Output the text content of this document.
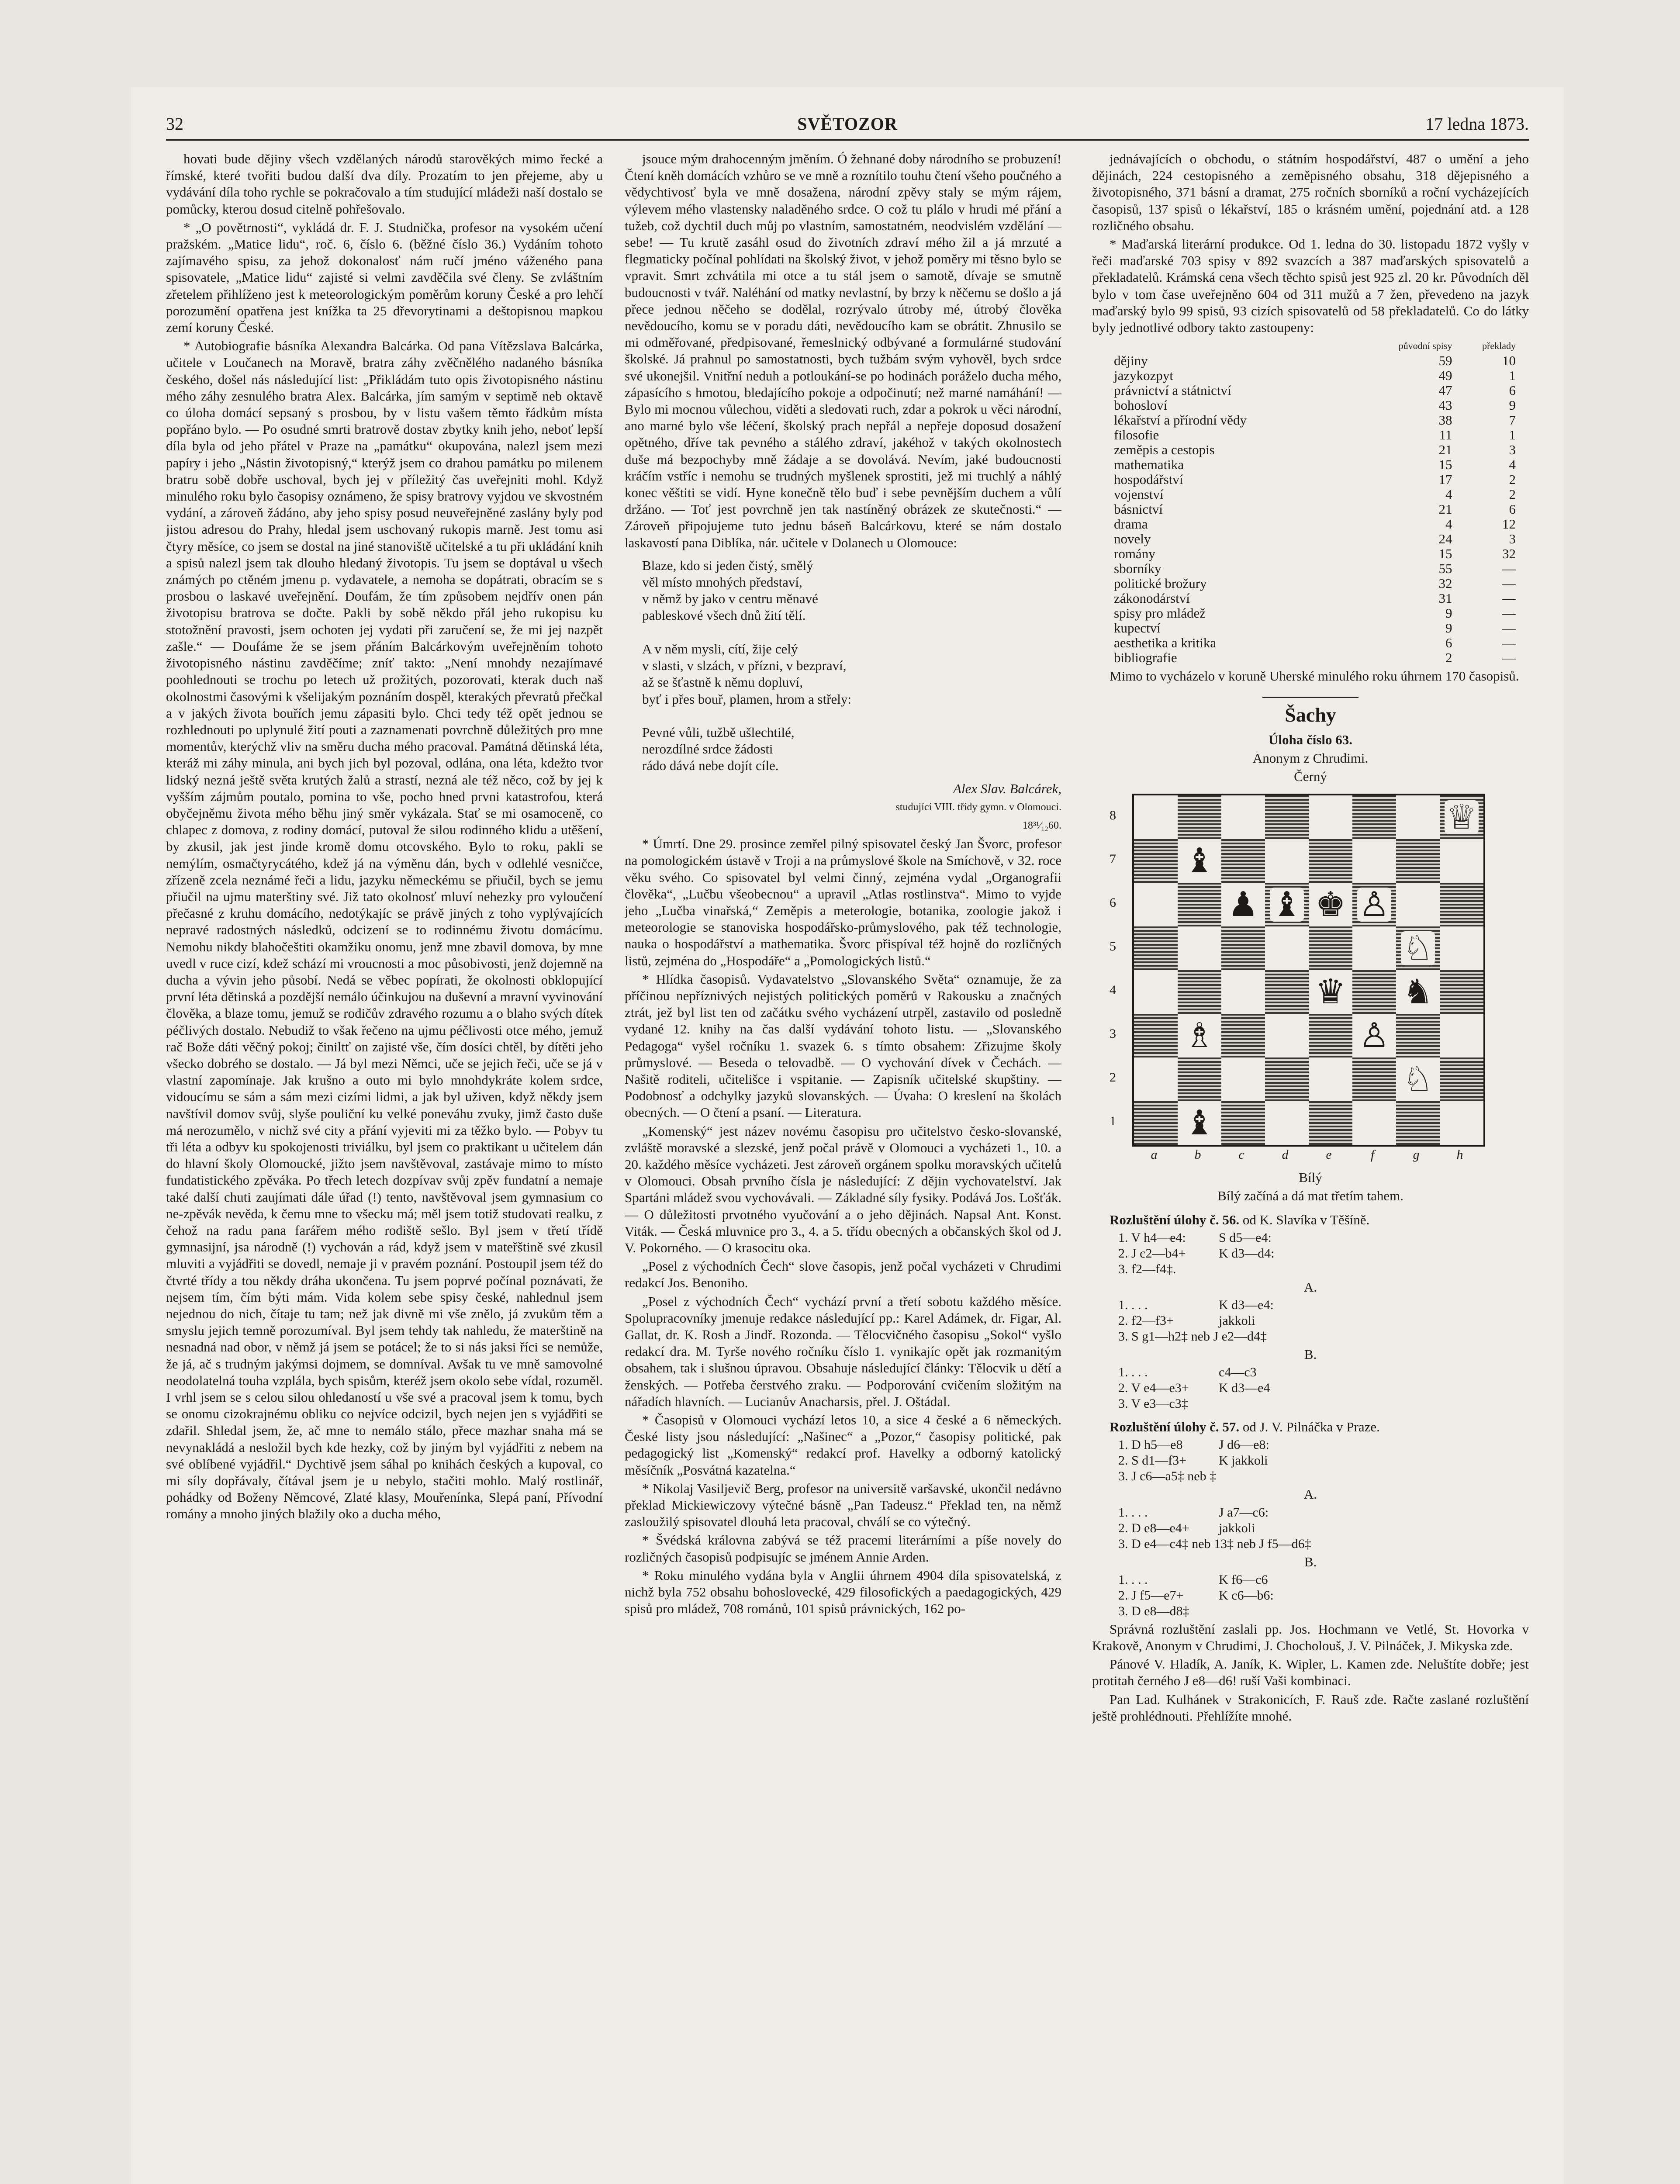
32	SVĚTOZOR	17 ledna 1873.

hovati bude dějiny všech vzdělaných národů starověkých mimo řecké a římské, které tvořiti budou další dva díly. Prozatím to jen přejeme, aby u vydávání díla toho rychle se pokračovalo a tím studující mládeži naší dostalo se pomůcky, kterou dosud citelně pohřešovalo.

* „O povětrnosti“, vykládá dr. F. J. Studnička, profesor na vysokém učení pražském. „Matice lidu“, roč. 6, číslo 6. (běžné číslo 36.) Vydáním tohoto zajímavého spisu, za jehož dokonalosť nám ručí jméno váženého pana spisovatele, „Matice lidu“ zajisté si velmi zavděčila své členy. Se zvláštním zřetelem přihlíženo jest k meteorologickým poměrům koruny České a pro lehčí porozumění opatřena jest knížka ta 25 dřevorytinami a deštopisnou mapkou zemí koruny České.

* Autobiografie básníka Alexandra Balcárka. Od pana Vítězslava Balcárka, učitele v Loučanech na Moravě, bratra záhy zvěčnělého nadaného básníka českého, došel nás následující list: „Přikládám tuto opis životopisného nástinu mého záhy zesnulého bratra Alex. Balcárka, jím samým v septimě neb oktavě co úloha domácí sepsaný s prosbou, by v listu vašem těmto řádkům místa popřáno bylo. — Po osudné smrti bratrově dostav zbytky knih jeho, neboť lepší díla byla od jeho přátel v Praze na „památku“ okupována, nalezl jsem mezi papíry i jeho „Nástin životopisný,“ kterýž jsem co drahou památku po milenem bratru sobě dobře uschoval, bych jej v příležitý čas uveřejniti mohl. Když minulého roku bylo časopisy oznámeno, že spisy bratrovy vyjdou ve skvostném vydání, a zároveň žádáno, aby jeho spisy posud neuveřejněné zaslány byly pod jistou adresou do Prahy, hledal jsem uschovaný rukopis marně. Jest tomu asi čtyry měsíce, co jsem se dostal na jiné stanoviště učitelské a tu při ukládání knih a spisů nalezl jsem tak dlouho hledaný životopis. Tu jsem se doptával u všech známých po ctěném jmenu p. vydavatele, a nemoha se dopátrati, obracím se s prosbou o laskavé uveřejnění. Doufám, že tím způsobem nejdřív onen pán životopisu bratrova se dočte. Pakli by sobě někdo přál jeho rukopisu ku stotožnění pravosti, jsem ochoten jej vydati při zaručení se, že mi jej nazpět zašle.“ — Doufáme že se jsem přáním Balcárkovým uveřejněním tohoto životopisného nástinu zavděčíme; zníť takto: „Není mnohdy nezajímavé poohlednouti se trochu po letech už prožitých, pozorovati, kterak duch naš okolnostmi časovými k všelijakým poznáním dospěl, kterakých převratů přečkal a v jakých života bouřích jemu zápasiti bylo. Chci tedy též opět jednou se rozhlednouti po uplynulé žití pouti a zaznamenati povrchně důležitých pro mne momentův, kterýchž vliv na směru ducha mého pracoval. Památná dětinská léta, kteráž mi záhy minula, ani bych jich byl pozoval, odlána, ona léta, kdežto tvor lidský nezná ještě světa krutých žalů a strastí, nezná ale též něco, což by jej k vyšším zájmům poutalo, pomina to vše, pocho hned prvni katastrofou, která obyčejněmu života mého běhu jiný směr vykázala. Stať se mi osamoceně, co chlapec z domova, z rodiny domácí, putoval že silou rodinného klidu a utěšení, by zkusil, jak jest jinde kromě domu otcovského. Bylo to roku, pakli se nemýlím, osmačtyrycátého, kdež já na výměnu dán, bych v odlehlé vesničce, zřízeně zcela neznámé řeči a lidu, jazyku německému se přiučil, bych se jemu přiučil na ujmu materštiny své. Již tato okolnosť mluví nehezky pro vyloučení přečasné z kruhu domácího, nedotýkajíc se právě jiných z toho vyplývajících nepravé radostných následků, odcizení se to rodinnému životu domácímu. Nemohu nikdy blahočeštiti okamžiku onomu, jenž mne zbavil domova, by mne uvedl v ruce cizí, kdež schází mi vroucnosti a moc působivosti, jenž dojemně na ducha a vývin jeho působí. Nedá se věbec popírati, že okolnosti obklopující první léta dětinská a pozdější nemálo účinkujou na duševní a mravní vyvinování člověka, a blaze tomu, jemuž se rodičův zdravého rozumu a o blaho svých dítek péčlivých dostalo. Nebudiž to však řečeno na ujmu péčlivosti otce mého, jemuž rač Bože dáti věčný pokoj; činiltť on zajisté vše, čím dosíci chtěl, by dítěti jeho všecko dobrého se dostalo. — Já byl mezi Němci, uče se jejich řeči, uče se já v vlastní zapomínaje. Jak krušno a outo mi bylo mnohdykráte kolem srdce, vidoucímu se sám a sám mezi cizími lidmi, a jak byl uživen, když někdy jsem navštívil domov svůj, slyše pouliční ku velké poneváhu zvuky, jimž často duše má nerozumělo, v nichž své city a přání vyjeviti mi za těžko bylo. — Pobyv tu tři léta a odbyv ku spokojenosti triviálku, byl jsem co praktikant u učitelem dán do hlavní školy Olomoucké, jižto jsem navštěvoval, zastávaje mimo to místo fundatistického zpěváka. Po třech letech dozpívav svůj zpěv fundatní a nemaje také další chuti zaujímati dále úřad (!) tento, navštěvoval jsem gymnasium co ne-zpěvák nevěda, k čemu mne to všecku má; měl jsem totiž studovati realku, z čehož na radu pana farářem mého rodiště sešlo. Byl jsem v třetí třídě gymnasijní, jsa národně (!) vychován a rád, když jsem v mateřštině své zkusil mluviti a vyjádřiti se dovedl, nemaje ji v pravém poznání. Postoupil jsem též do čtvrté třídy a tou někdy dráha ukončena. Tu jsem poprvé počínal poznávati, že nejsem tím, čím býti mám. Vida kolem sebe spisy české, nahlednul jsem nejednou do nich, čítaje tu tam; než jak divně mi vše znělo, já zvukům těm a smyslu jejich temně porozumíval. Byl jsem tehdy tak nahledu, že materštině na nesnadná nad obor, v němž já jsem se potácel; že to si nás jaksi říci se nemůže, že já, ač s trudným jakýmsi dojmem, se domníval. Avšak tu ve mně samovolné neodolatelná touha vzplála, bych spisům, kteréž jsem okolo sebe vídal, rozuměl. I vrhl jsem se s celou silou ohledaností u vše své a pracoval jsem k tomu, bych se onomu cizokrajnému obliku co nejvíce odcizil, bych nejen jen s vyjádřiti se zdařil. Shledal jsem, že, ač mne to nemálo stálo, přece mazhar snaha má se nevynakládá a nesložil bych kde hezky, což by jiným byl vyjádřiti z nebem na své oblíbené vyjádřil.“ Dychtivě jsem sáhal po knihách českých a kupoval, co mi síly dopřávaly, čítával jsem je u nebylo, stačiti mohlo. Malý rostlinář, pohádky od Boženy Němcové, Zlaté klasy, Mouřenínka, Slepá paní, Přívodní romány a mnoho jiných blažily oko a ducha mého,

jsouce mým drahocenným jměním. Ó žehnané doby národního se probuzení! Čtení kněh domácích vzhůro se ve mně a roznítilo touhu čtení všeho poučného a vědychtivosť byla ve mně dosažena, národní zpěvy staly se mým rájem, výlevem mého vlastensky naladěného srdce. O což tu plálo v hrudi mé přání a tužeb, což dychtil duch můj po vlastním, samostatném, neodvislém vzdělání — sebe! — Tu krutě zasáhl osud do životních zdraví mého žil a já mrzuté a flegmaticky počínal pohlídati na školský život, v jehož poměry mi těsno bylo se vpravit. Smrt zchvátila mi otce a tu stál jsem o samotě, dívaje se smutně budoucnosti v tvář. Naléhání od matky nevlastní, by brzy k něčemu se došlo a já přece jednou něčeho se dodělal, rozrývalo útroby mé, útrobý člověka nevědoucího, komu se v poradu dáti, nevědoucího kam se obrátit. Zhnusilo se mi odměřované, předpisované, řemeslnický odbývané a formulárné studování školské. Já prahnul po samostatnosti, bych tužbám svým vyhověl, bych srdce své ukonejšil. Vnitřní neduh a potloukání-se po hodinách poráželo ducha mého, zápasícího s hmotou, bledajícího pokoje a odpočinutí; než marné namáhání! — Bylo mi mocnou vůlechou, viděti a sledovati ruch, zdar a pokrok u věci národní, ano marné bylo vše léčení, školský prach nepřál a nepřeje doposud dosažení opětného, dříve tak pevného a stálého zdraví, jakéhož v takých okolnostech duše má bezpochyby mně žádaje a se dovolává. Nevím, jaké budoucnosti kráčím vstříc i nemohu se trudných myšlenek sprostiti, jež mi truchlý a náhlý konec věštiti se vidí. Hyne konečně tělo buď i sebe pevnějším duchem a vůlí držáno. — Toť jest povrchně jen tak nastíněný obrázek ze skutečnosti.“ — Zároveň připojujeme tuto jednu báseň Balcárkovu, které se nám dostalo laskavostí pana Diblíka, nár. učitele v Dolanech u Olomouce:

Blaze, kdo si jeden čistý, smělý
věl místo mnohých představí,
v němž by jako v centru měnavé
pableskové všech dnů žití tělí.

A v něm mysli, cítí, žije celý
v slasti, v slzách, v přízni, v bezpraví,
až se šťastně k němu dopluví,
byť i přes bouř, plamen, hrom a střely:

Pevné vůli, tužbě ušlechtilé,
nerozdílné srdce žádosti
rádo dává nebe dojít cíle.

Alex Slav. Balcárek,

studující VIII. třídy gymn. v Olomouci.

18³¹⁄₁₂60.

* Úmrtí. Dne 29. prosince zemřel pilný spisovatel český Jan Švorc, profesor na pomologickém ústavě v Troji a na průmyslové škole na Smíchově, v 32. roce věku svého. Co spisovatel byl velmi činný, zejména vydal „Organografii člověka“, „Lučbu všeobecnou“ a upravil „Atlas rostlinstva“. Mimo to vyjde jeho „Lučba vinařská,“ Zeměpis a meterologie, botanika, zoologie jakož i meteorologie se stanoviska hospodářsko-průmyslového, pak též technologie, nauka o hospodářství a mathematika. Švorc přispíval též hojně do rozličných listů, zejména do „Hospodáře“ a „Pomologických listů.“

* Hlídka časopisů. Vydavatelstvo „Slovanského Světa“ oznamuje, že za příčinou nepříznivých nejistých politických poměrů v Rakousku a značných ztrát, jež byl list ten od začátku svého vycházení utrpěl, zastavilo od posledně vydané 12. knihy na čas další vydávání tohoto listu. — „Slovanského Pedagoga“ vyšel ročníku 1. svazek 6. s tímto obsahem: Zřizujme školy průmyslové. — Beseda o telovadbě. — O vychování dívek v Čechách. — Našitě roditeli, učitelišce i vspitanie. — Zapisník učitelské skupštiny. — Podobnosť a odchylky jazyků slovanských. — Úvaha: O kreslení na školách obecných. — O čtení a psaní. — Literatura.

„Komenský“ jest název novému časopisu pro učitelstvo česko-slovanské, zvláště moravské a slezské, jenž počal právě v Olomouci a vycházeti 1., 10. a 20. každého měsíce vycházeti. Jest zároveň orgánem spolku moravských učitelů v Olomouci. Obsah prvního čísla je následující: Z dějin vychovatelství. Jak Spartáni mládež svou vychovávali. — Základné síly fysiky. Podává Jos. Lošťák. — O důležitosti prvotného vyučování a o jeho dějinách. Napsal Ant. Konst. Viták. — Česká mluvnice pro 3., 4. a 5. třídu obecných a občanských škol od J. V. Pokorného. — O krasocitu oka.

„Posel z východních Čech“ slove časopis, jenž počal vycházeti v Chrudimi redakcí Jos. Benoniho.

„Posel z východních Čech“ vychází první a třetí sobotu každého měsíce. Spolupracovníky jmenuje redakce následující pp.: Karel Adámek, dr. Figar, Al. Gallat, dr. K. Rosh a Jindř. Rozonda. — Tělocvičného časopisu „Sokol“ vyšlo redakcí dra. M. Tyrše nového ročníku číslo 1. vynikajíc opět jak rozmanitým obsahem, tak i slušnou úpravou. Obsahuje následující články: Tělocvik u dětí a ženských. — Potřeba čerstvého zraku. — Podporování cvičením složitým na nářadích hlavních. — Lucianův Anacharsis, přel. J. Oštádal.

* Časopisů v Olomouci vychází letos 10, a sice 4 české a 6 německých. České listy jsou následující: „Našinec“ a „Pozor,“ časopisy politické, pak pedagogický list „Komenský“ redakcí prof. Havelky a odborný katolický měsíčník „Posvátná kazatelna.“

* Nikolaj Vasiljevič Berg, profesor na universitě varšavské, ukončil nedávno překlad Mickiewiczovy výtečné básně „Pan Tadeusz.“ Překlad ten, na němž zasloužilý spisovatel dlouhá leta pracoval, chválí se co výtečný.

* Švédská královna zabývá se též pracemi literárními a píše novely do rozličných časopisů podpisujíc se jménem Annie Arden.

* Roku minulého vydána byla v Anglii úhrnem 4904 díla spisovatelská, z nichž byla 752 obsahu bohoslovecké, 429 filosofických a paedagogických, 429 spisů pro mládež, 708 románů, 101 spisů právnických, 162 po-

jednávajících o obchodu, o státním hospodářství, 487 o umění a jeho dějinách, 224 cestopisného a zeměpisného obsahu, 318 dějepisného a životopisného, 371 básní a dramat, 275 ročních sborníků a roční vycházejících časopisů, 137 spisů o lékařství, 185 o krásném umění, pojednání atd. a 128 rozličného obsahu.

* Maďarská literární produkce. Od 1. ledna do 30. listopadu 1872 vyšly v řeči maďarské 703 spisy v 892 svazcích a 387 maďarských spisovatelů a překladatelů. Krámská cena všech těchto spisů jest 925 zl. 20 kr. Původních děl bylo v tom čase uveřejněno 604 od 311 mužů a 7 žen, převedeno na jazyk maďarský bylo 99 spisů, 93 cizích spisovatelů od 58 překladatelů. Co do látky byly jednotlivé odbory takto zastoupeny:

	původní spisy	překlady
dějiny	59	10
jazykozpyt	49	1
právnictví a státnictví	47	6
bohosloví	43	9
lékařství a přírodní vědy	38	7
filosofie	11	1
zeměpis a cestopis	21	3
mathematika	15	4
hospodářství	17	2
vojenství	4	2
básnictví	21	6
drama	4	12
novely	24	3
romány	15	32
sborníky	55	—
politické brožury	32	—
zákonodárství	31	—
spisy pro mládež	9	—
kupectví	9	—
aesthetika a kritika	6	—
bibliografie	2	—

Mimo to vycházelo v koruně Uherské minulého roku úhrnem 170 časopisů.

Šachy

Úloha číslo 63.

Anonym z Chrudimi.

Černý

8
7
6
5
4
3
2
1
♕
♝
♟ ♝ ♚ ♙
♘
♛ ♞
♗	♙
♘
♝
a	b	c	d	e	f	g	h

Bílý

Bílý začíná a dá mat třetím tahem.

Rozluštění úlohy č. 56. od K. Slavíka v Těšíně.

1. V h4—e4:	S d5—e4:
2. J c2—b4+	K d3—d4:
3. f2—f4‡.

A.

1. . . .	K d3—e4:
2. f2—f3+	jakkoli
3. S g1—h2‡ neb J e2—d4‡

B.

1. . . .	c4—c3
2. V e4—e3+	K d3—e4
3. V e3—c3‡

Rozluštění úlohy č. 57. od J. V. Pilnáčka v Praze.

1. D h5—e8	J d6—e8:
2. S d1—f3+	K jakkoli
3. J c6—a5‡ neb ‡

A.

1. . . .	J a7—c6:
2. D e8—e4+	jakkoli
3. D e4—c4‡ neb 13‡ neb J f5—d6‡

B.

1. . . .	K f6—c6
2. J f5—e7+	K c6—b6:
3. D e8—d8‡

Správná rozluštění zaslali pp. Jos. Hochmann ve Vetlé, St. Hovorka v Krakově, Anonym v Chrudimi, J. Chocholouš, J. V. Pilnáček, J. Mikyska zde.

Pánové V. Hladík, A. Janík, K. Wipler, L. Kamen zde. Neluštíte dobře; jest protitah černého J e8—d6! ruší Vaši kombinaci.

Pan Lad. Kulhánek v Strakonicích, F. Rauš zde. Račte zaslané rozluštění ještě prohlédnouti. Přehlížíte mnohé.
